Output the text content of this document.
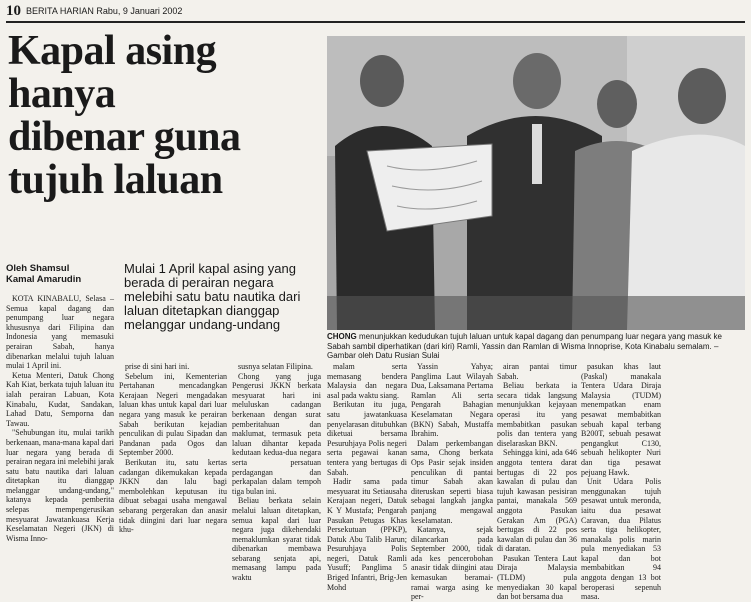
10 BERITA HARIAN Rabu, 9 Januari 2002
Kapal asing
hanya
dibenar guna
tujuh laluan
Oleh Shamsul
Kamal Amarudin
Mulai 1 April kapal asing yang berada di perairan negara melebihi satu batu nautika dari laluan ditetapkan dianggap melanggar undang-undang
CHONG menunjukkan kedudukan tujuh laluan untuk kapal dagang dan penumpang luar negara yang masuk ke Sabah sambil diperhatikan (dari kiri) Ramli, Yassin dan Ramlan di Wisma Innoprise, Kota Kinabalu semalam. – Gambar oleh Datu Rusian Sulai

KOTA KINABALU, Selasa – Semua kapal dagang dan penumpang luar negara khususnya dari Filipina dan Indonesia yang memasuki perairan Sabah, hanya dibenarkan melalui tujuh laluan mulai 1 April ini.

Ketua Menteri, Datuk Chong Kah Kiat, berkata tujuh laluan itu ialah perairan Labuan, Kota Kinabalu, Kudat, Sandakan, Lahad Datu, Semporna dan Tawau.

"Sehubungan itu, mulai tarikh berkenaan, mana-mana kapal dari luar negara yang berada di perairan negara ini melebihi jarak satu batu nautika dari laluan ditetapkan itu dianggap melanggar undang-undang," katanya kepada pemberita selepas mempengerusikan mesyuarat Jawatankuasa Kerja Keselamatan Negeri (JKN) di Wisma Inno-

prise di sini hari ini.

Sebelum ini, Kementerian Pertahanan mencadangkan Kerajaan Negeri mengadakan laluan khas untuk kapal dari luar negara yang masuk ke perairan Sabah berikutan kejadian penculikan di pulau Sipadan dan Pandanan pada Ogos dan September 2000.

Berikutan itu, satu kertas cadangan dikemukakan kepada JKKN dan lalu bagi membolehkan keputusan itu dibuat sebagai usaha mengawal sebarang pergerakan dan anasir tidak diingini dari luar negara khu-

susnya selatan Filipina.

Chong yang juga Pengerusi JKKN berkata mesyuarat hari ini meluluskan cadangan berkenaan dengan surat pemberitahuan dan maklumat, termasuk peta laluan dihantar kepada kedutaan kedua-dua negara serta persatuan perdagangan dan perkapalan dalam tempoh tiga bulan ini.

Beliau berkata selain melalui laluan ditetapkan, semua kapal dari luar negara juga dikehendaki memaklumkan syarat tidak dibenarkan membawa sebarang senjata api, memasang lampu pada waktu

malam serta memasang bendera Malaysia dan negara asal pada waktu siang.

Berikutan itu juga, satu jawatankuasa penyelarasan ditubuhkan diketuai bersama Pesuruhjaya Polis negeri serta pegawai kanan tentera yang bertugas di Sabah.

Hadir sama pada mesyuarat itu Setiausaha Kerajaan negeri, Datuk K Y Mustafa; Pengarah Pasukan Petugas Khas Persekutuan (PPKP), Datuk Abu Talib Harun; Pesuruhjaya Polis negeri, Datuk Ramli Yusuff; Panglima 5 Briged Infantri, Brig-Jen Mohd

Yassin Yahya; Panglima Laut Wilayah Dua, Laksamana Pertama Ramlan Ali serta Pengarah Bahagian Keselamatan Negara (BKN) Sabah, Mustaffa Ibrahim.

Dalam perkembangan sama, Chong berkata Ops Pasir sejak insiden penculikan di pantai timur Sabah akan diteruskan seperti biasa sebagai langkah jangka panjang mengawal keselamatan.

Katanya, sejak dilancarkan pada September 2000, tidak ada kes pencerobohan anasir tidak diingini atau kemasukan beramai-ramai warga asing ke per-

airan pantai timur Sabah.

Beliau berkata ia secara tidak langsung menunjukkan kejayaan operasi itu yang membabitkan pasukan polis dan tentera yang diselaraskan BKN.

Sehingga kini, ada 646 anggota tentera darat bertugas di 22 pos kawalan di pulau dan tujuh kawasan pesisiran pantai, manakala 569 anggota Pasukan Gerakan Am (PGA) bertugas di 22 pos kawalan di pulau dan 36 di daratan.

Pasukan Tentera Laut Diraja Malaysia (TLDM) pula menyediakan 30 kapal dan bot bersama dua

pasukan khas laut (Paskal) manakala Tentera Udara Diraja Malaysia (TUDM) menempatkan enam pesawat membabitkan sebuah kapal terbang B200T, sebuah pesawat pengangkut C130, sebuah helikopter Nuri dan tiga pesawat pejuang Hawk.

Unit Udara Polis menggunakan tujuh pesawat untuk meronda, iaitu dua pesawat Caravan, dua Pilatus serta tiga helikopter, manakala polis marin pula menyediakan 53 kapal dan bot membabitkan 94 anggota dengan 13 bot beroperasi sepenuh masa.
